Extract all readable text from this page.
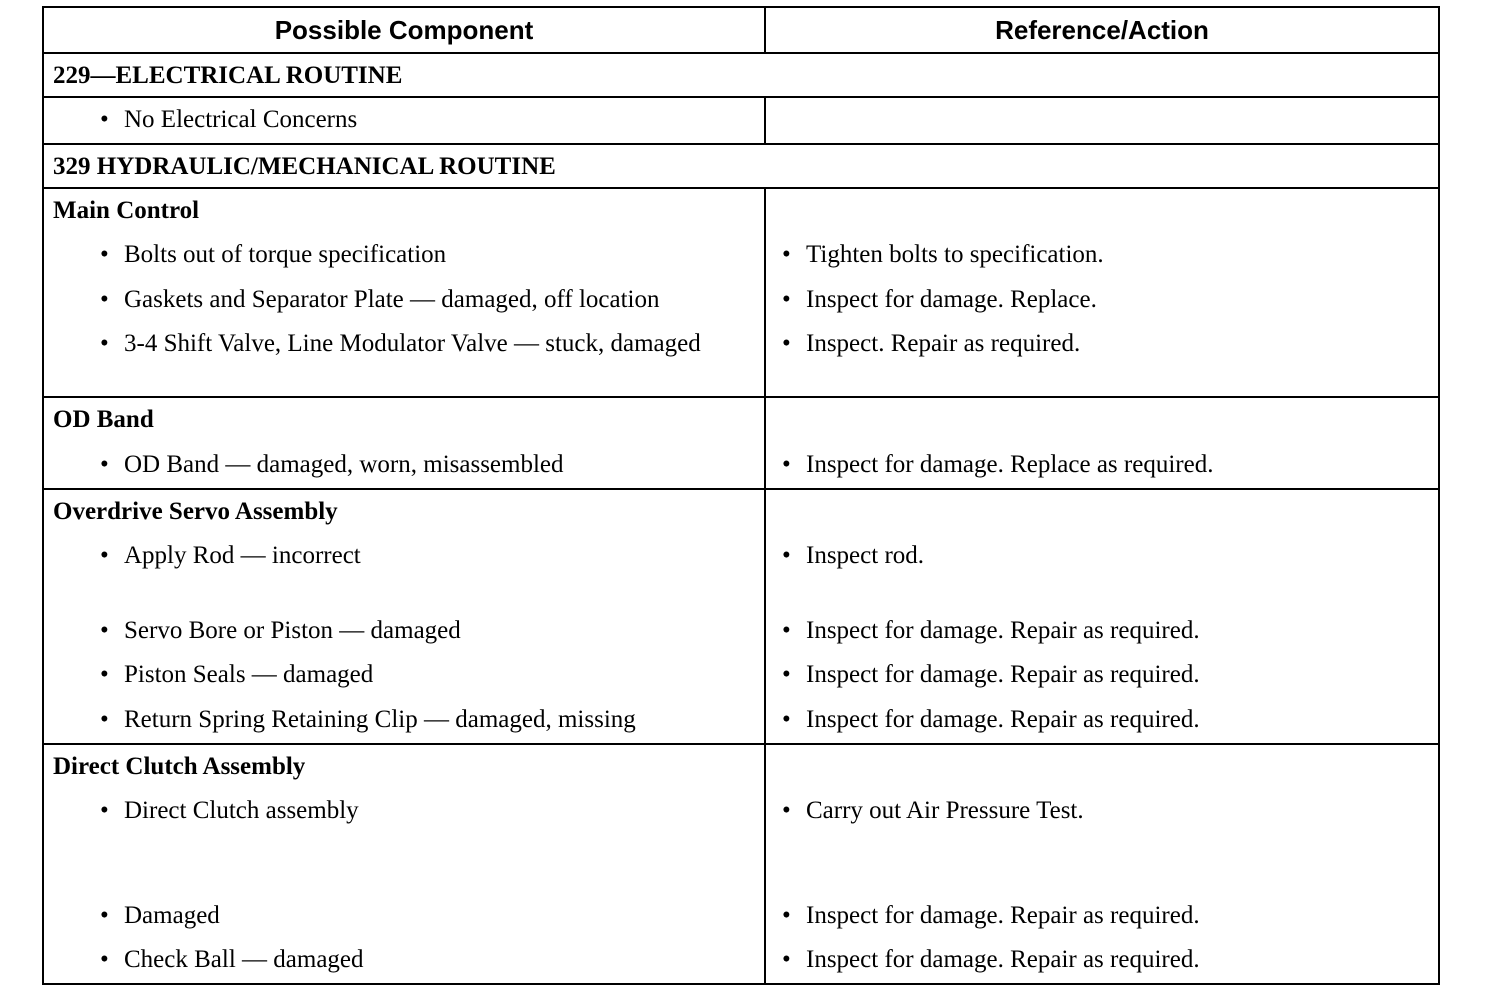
Possible Component	Reference/Action
229—ELECTRICAL ROUTINE
• No Electrical Concerns
329 HYDRAULIC/MECHANICAL ROUTINE
Main Control
• Bolts out of torque specification
• Gaskets and Separator Plate — damaged, off location
• 3-4 Shift Valve, Line Modulator Valve — stuck, damaged
• Tighten bolts to specification.
• Inspect for damage. Replace.
• Inspect. Repair as required.
OD Band
• OD Band — damaged, worn, misassembled	• Inspect for damage. Replace as required.
Overdrive Servo Assembly
• Apply Rod — incorrect
• Servo Bore or Piston — damaged
• Piston Seals — damaged
• Return Spring Retaining Clip — damaged, missing
• Inspect rod.
• Inspect for damage. Repair as required.
• Inspect for damage. Repair as required.
• Inspect for damage. Repair as required.
Direct Clutch Assembly
• Direct Clutch assembly
• Damaged
• Check Ball — damaged
• Carry out Air Pressure Test.
• Inspect for damage. Repair as required.
• Inspect for damage. Repair as required.
